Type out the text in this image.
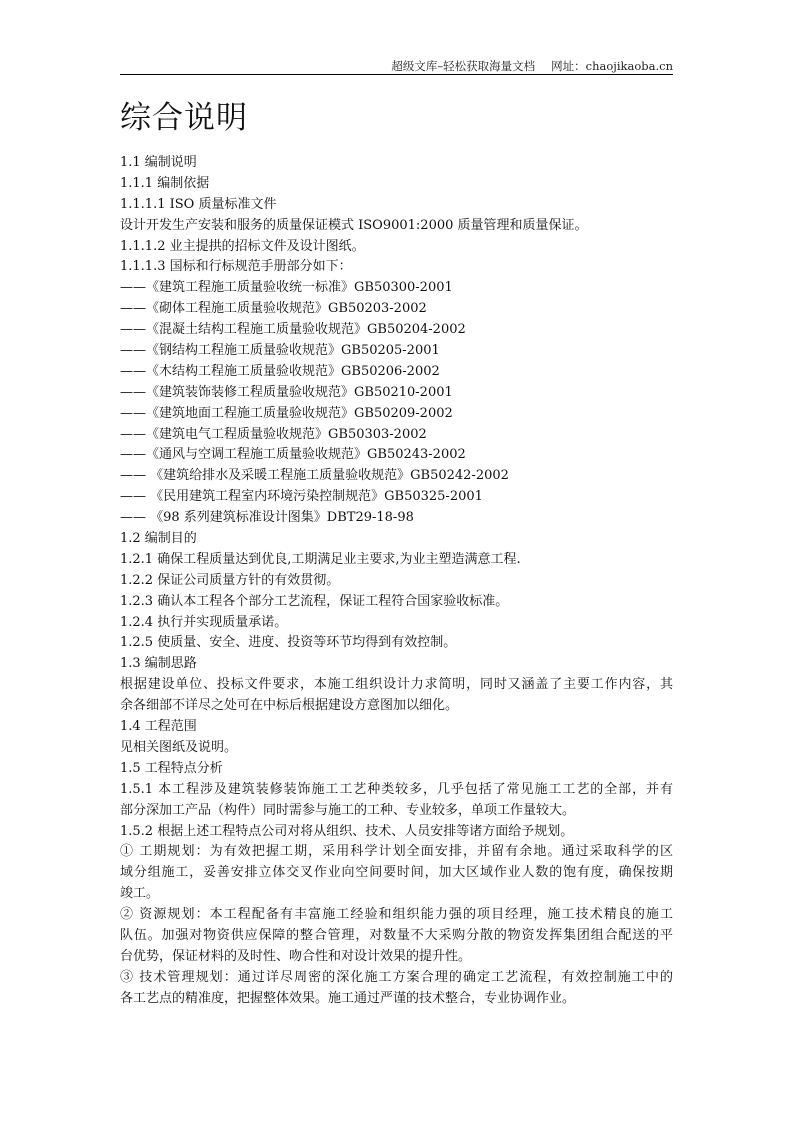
超级文库–轻松获取海量文档 网址：chaojikaoba.cn
综合说明
1.1 编制说明
1.1.1 编制依据
1.1.1.1 ISO 质量标准文件
设计开发生产安装和服务的质量保证模式 ISO9001:2000 质量管理和质量保证。
1.1.1.2 业主提拱的招标文件及设计图纸。
1.1.1.3 国标和行标规范手册部分如下：
——《建筑工程施工质量验收统一标准》GB50300-2001
——《砌体工程施工质量验收规范》GB50203-2002
——《混凝土结构工程施工质量验收规范》GB50204-2002
——《钢结构工程施工质量验收规范》GB50205-2001
——《木结构工程施工质量验收规范》GB50206-2002
——《建筑装饰装修工程质量验收规范》GB50210-2001
——《建筑地面工程施工质量验收规范》GB50209-2002
——《建筑电气工程质量验收规范》GB50303-2002
——《通风与空调工程施工质量验收规范》GB50243-2002
—— 《建筑给排水及采暖工程施工质量验收规范》GB50242-2002
—— 《民用建筑工程室内环境污染控制规范》GB50325-2001
—— 《98 系列建筑标准设计图集》DBT29-18-98
1.2 编制目的
1.2.1 确保工程质量达到优良,工期满足业主要求,为业主塑造满意工程.
1.2.2 保证公司质量方针的有效贯彻。
1.2.3 确认本工程各个部分工艺流程，保证工程符合国家验收标准。
1.2.4 执行并实现质量承诺。
1.2.5 使质量、安全、进度、投资等环节均得到有效控制。
1.3 编制思路
根据建设单位、投标文件要求，本施工组织设计力求简明，同时又涵盖了主要工作内容，其
余各细部不详尽之处可在中标后根据建设方意图加以细化。
1.4 工程范围
见相关图纸及说明。
1.5 工程特点分析
1.5.1 本工程涉及建筑装修装饰施工工艺种类较多，几乎包括了常见施工工艺的全部，并有
部分深加工产品（构件）同时需参与施工的工种、专业较多，单项工作量较大。
1.5.2 根据上述工程特点公司对将从组织、技术、人员安排等诸方面给予规划。
① 工期规划：为有效把握工期，采用科学计划全面安排，并留有余地。通过采取科学的区
域分组施工，妥善安排立体交叉作业向空间要时间，加大区域作业人数的饱有度，确保按期
竣工。
② 资源规划：本工程配备有丰富施工经验和组织能力强的项目经理，施工技术精良的施工
队伍。加强对物资供应保障的整合管理，对数量不大采购分散的物资发挥集团组合配送的平
台优势，保证材料的及时性、吻合性和对设计效果的提升性。
③ 技术管理规划：通过详尽周密的深化施工方案合理的确定工艺流程，有效控制施工中的
各工艺点的精准度，把握整体效果。施工通过严谨的技术整合，专业协调作业。
